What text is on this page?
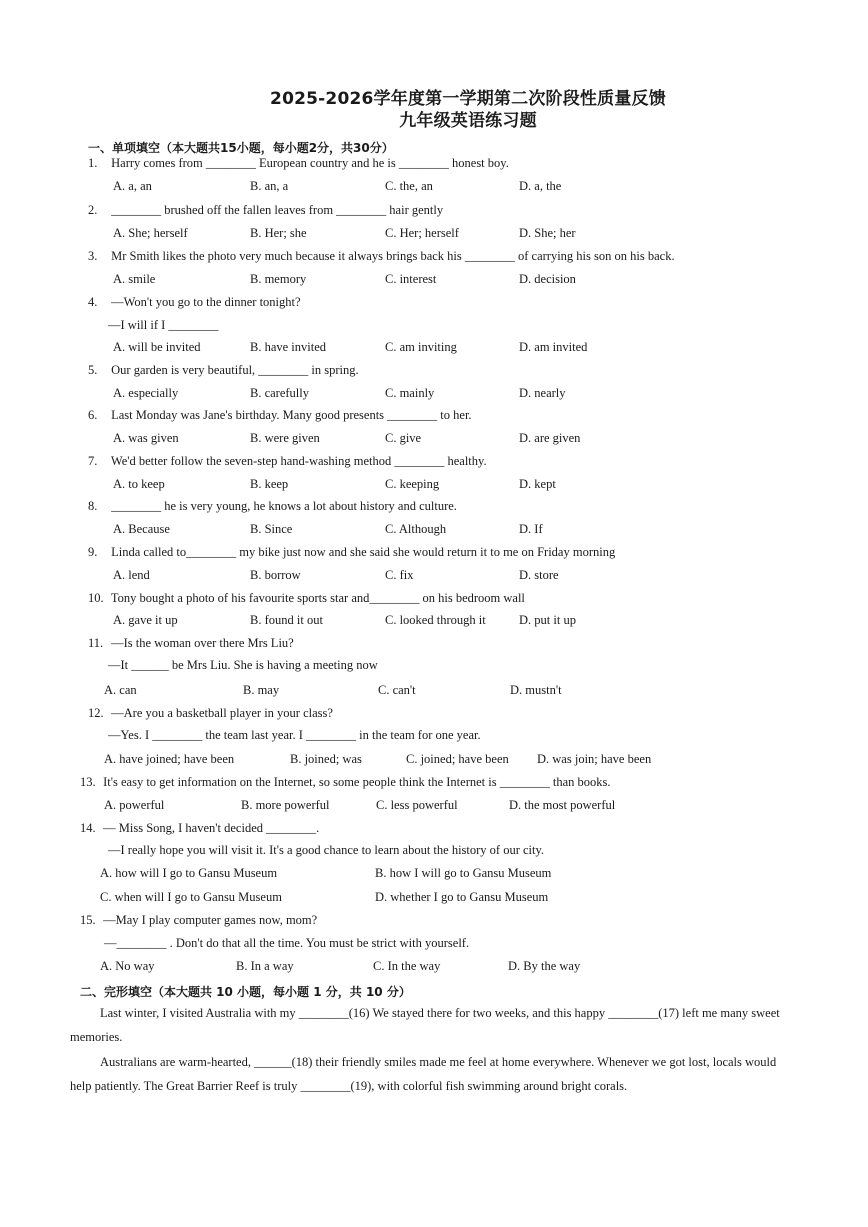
2025-2026学年度第一学期第二次阶段性质量反馈
九年级英语练习题
一、单项填空（本大题共15小题，每小题2分，共30分）
1. Harry comes from ________ European country and he is ________ honest boy.
A. a, an	B. an, a	C. the, an	D. a, the
2. ________ brushed off the fallen leaves from ________ hair gently
A. She; herself	B. Her; she	C. Her; herself	D. She; her
3. Mr Smith likes the photo very much because it always brings back his ________ of carrying his son on his back.
A. smile	B. memory	C. interest	D. decision
4. —Won't you go to the dinner tonight?
—I will if I ________
A. will be invited	B. have invited	C. am inviting	D. am invited
5. Our garden is very beautiful, ________ in spring.
A. especially	B. carefully	C. mainly	D. nearly
6. Last Monday was Jane's birthday. Many good presents ________ to her.
A. was given	B. were given	C. give	D. are given
7. We'd better follow the seven-step hand-washing method ________ healthy.
A. to keep	B. keep	C. keeping	D. kept
8. ________ he is very young, he knows a lot about history and culture.
A. Because	B. Since	C. Although	D. If
9. Linda called to________ my bike just now and she said she would return it to me on Friday morning
A. lend	B. borrow	C. fix	D. store
10. Tony bought a photo of his favourite sports star and________ on his bedroom wall
A. gave it up	B. found it out	C. looked through it	D. put it up
11. —Is the woman over there Mrs Liu?
—It ______ be Mrs Liu. She is having a meeting now
A. can	B. may	C. can't	D. mustn't
12. —Are you a basketball player in your class?
—Yes. I ________ the team last year. I ________ in the team for one year.
A. have joined; have been	B. joined; was	C. joined; have been D. was join; have been
13. It's easy to get information on the Internet, so some people think the Internet is ________ than books.
A. powerful	B. more powerful	C. less powerful	D. the most powerful
14. — Miss Song, I haven't decided ________.
—I really hope you will visit it. It's a good chance to learn about the history of our city.
A. how will I go to Gansu Museum	B. how I will go to Gansu Museum
C. when will I go to Gansu Museum	D. whether I go to Gansu Museum
15. —May I play computer games now, mom?
—________ . Don't do that all the time. You must be strict with yourself.
A. No way	B. In a way	C. In the way	D. By the way
二、完形填空（本大题共 10 小题，每小题 1 分，共 10 分）
Last winter, I visited Australia with my ________(16) We stayed there for two weeks, and this happy ________(17) left me many sweet
memories.
Australians are warm-hearted, ______(18) their friendly smiles made me feel at home everywhere. Whenever we got lost, locals would
help patiently. The Great Barrier Reef is truly ________(19), with colorful fish swimming around bright corals.
